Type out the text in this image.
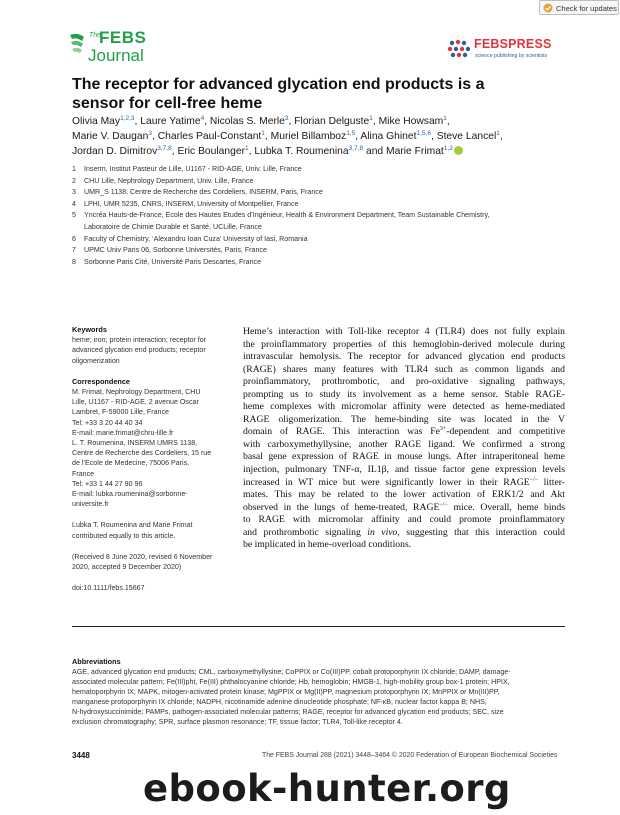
Check for updates
The
FEBS
Journal
FEBSPRESS
science publishing by scientists
The receptor for advanced glycation end products is a
sensor for cell-free heme
Olivia May$^{1,2,3}$, Laure Yatime$^4$, Nicolas S. Merle$^3$, Florian Delguste$^1$, Mike Howsam$^1$,
Marie V. Daugan$^3$, Charles Paul-Constant$^1$, Muriel Billamboz$^{1,5}$, Alina Ghinet$^{1,5,6}$, Steve Lancel$^1$,
Jordan D. Dimitrov$^{3,7,8}$, Eric Boulanger$^1$, Lubka T. Roumenina$^{3,7,8}$ and Marie Frimat$^{1,2}$
1	Inserm, Institut Pasteur de Lille, U1167 - RID-AGE, Univ. Lille, France
2	CHU Lille, Nephrology Department, Univ. Lille, France
3	UMR_S 1138, Centre de Recherche des Cordeliers, INSERM, Paris, France
4	LPHI, UMR 5235, CNRS, INSERM, University of Montpellier, France
5	Yncréa Hauts-de-France, Ecole des Hautes Etudes d’Ingénieur, Health & Environment Department, Team Sustainable Chemistry,
Laboratoire de Chimie Durable et Santé, UCLille, France
6	Faculty of Chemistry, ‘Alexandru Ioan Cuza’ University of Iasi, Romania
7	UPMC Univ Paris 06, Sorbonne Universités, Paris, France
8	Sorbonne Paris Cité, Université Paris Descartes, France
Keywords
heme; iron; protein interaction; receptor for
advanced glycation end products; receptor
oligomerization
Correspondence
M. Frimat, Nephrology Department, CHU
Lille, U1167 - RID-AGE, 2 avenue Oscar
Lambret, F-59000 Lille, France
Tel: +33 3 20 44 40 34
E-mail: marie.frimat@chru-lille.fr
L. T. Roumenina, INSERM UMRS 1138,
Centre de Recherche des Cordeliers, 15 rue
de l’Ecole de Medecine, 75006 Paris,
France
Tel: +33 1 44 27 90 96
E-mail: lubka.roumenina@sorbonne-
universite.fr
Lubka T. Roumenina and Marie Frimat
contributed equally to this article.
(Received 8 June 2020, revised 6 November
2020, accepted 9 December 2020)
doi:10.1111/febs.15667
Heme’s interaction with Toll-like receptor 4 (TLR4) does not fully explain
the proinflammatory properties of this hemoglobin-derived molecule during
intravascular hemolysis. The receptor for advanced glycation end products
(RAGE) shares many features with TLR4 such as common ligands and
proinflammatory, prothrombotic, and pro-oxidative signaling pathways,
prompting us to study its involvement as a heme sensor. Stable RAGE-
heme complexes with micromolar affinity were detected as heme-mediated
RAGE oligomerization. The heme-binding site was located in the V
domain of RAGE. This interaction was $Fe^{3+}$-dependent and competitive
with carboxymethyllysine, another RAGE ligand. We confirmed a strong
basal gene expression of RAGE in mouse lungs. After intraperitoneal heme
injection, pulmonary TNF-α, IL1β, and tissue factor gene expression levels
increased in WT mice but were significantly lower in their RAGE−/− litter-
mates. This may be related to the lower activation of ERK1/2 and Akt
observed in the lungs of heme-treated, RAGE−/− mice. Overall, heme binds
to RAGE with micromolar affinity and could promote proinflammatory
and prothrombotic signaling in vivo, suggesting that this interaction could
be implicated in heme-overload conditions.
Abbreviations
AGE, advanced glycation end products; CML, carboxymethyllysine; CoPPIX or Co(III)PP, cobalt protoporphyrin IX chloride; DAMP, damage-
associated molecular pattern; Fe(III)pht, Fe(III) phthalocyanine chloride; Hb, hemoglobin; HMGB-1, high-mobility group box-1 protein; HPIX,
hematoporphyrin IX; MAPK, mitogen-activated protein kinase; MgPPIX or Mg(II)PP, magnesium protoporphyrin IX; MnPPIX or Mn(III)PP,
manganese protoporphyrin IX chloride; NADPH, nicotinamide adenine dinucleotide phosphate; NF-κB, nuclear factor kappa B; NHS,
N-hydroxysuccinimide; PAMPs, pathogen-associated molecular patterns; RAGE, receptor for advanced glycation end products; SEC, size
exclusion chromatography; SPR, surface plasmon resonance; TF, tissue factor; TLR4, Toll-like receptor 4.
3448	The FEBS Journal 288 (2021) 3448–3464 © 2020 Federation of European Biochemical Societies
ebook-hunter.org
